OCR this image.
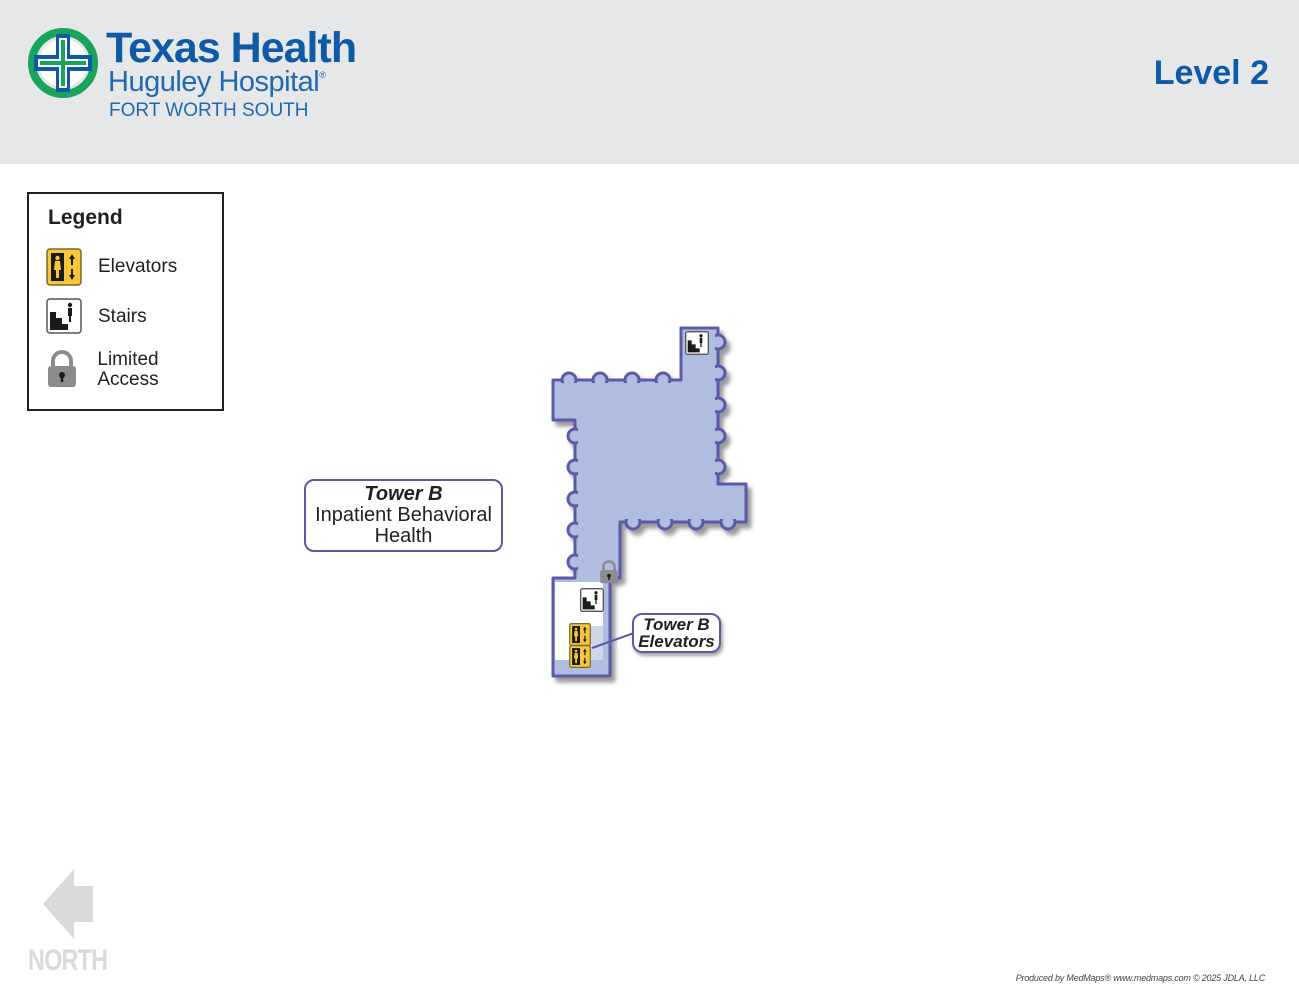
Texas Health
Huguley Hospital®
FORT WORTH SOUTH
Level 2
Legend
Elevators
Stairs
Limited Access
Tower B
Inpatient Behavioral
Health
Tower B
Elevators
NORTH
Produced by MedMaps® www.medmaps.com © 2025 JDLA, LLC
